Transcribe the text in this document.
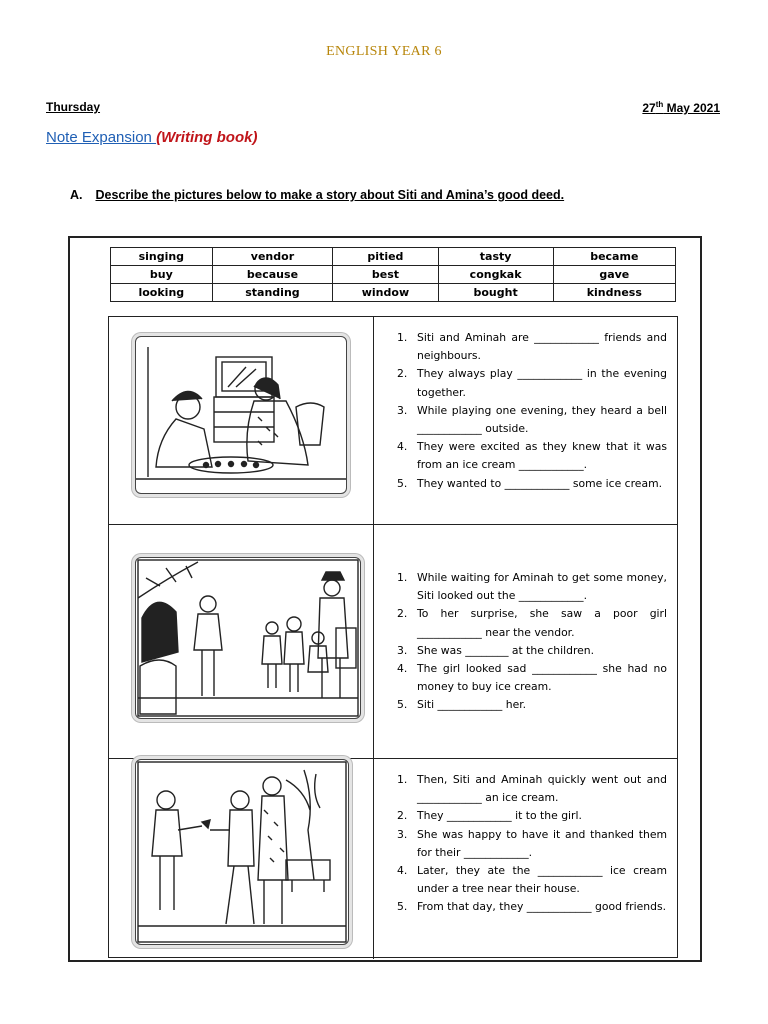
ENGLISH YEAR 6
Thursday	27th May 2021
Note Expansion (Writing book)
A. Describe the pictures below to make a story about Siti and Amina’s good deed.
singing	vendor	pitied	tasty	became
buy	because	best	congkak	gave
looking	standing	window	bought	kindness
1. Siti and Aminah are ____________ friends and neighbours.
2. They always play ____________ in the evening together.
3. While playing one evening, they heard a bell ____________ outside.
4. They were excited as they knew that it was from an ice cream ____________.
5. They wanted to ____________ some ice cream.
1. While waiting for Aminah to get some money, Siti looked out the ____________.
2. To her surprise, she saw a poor girl ____________ near the vendor.
3. She was ________ at the children.
4. The girl looked sad ____________ she had no money to buy ice cream.
5. Siti ____________ her.
1. Then, Siti and Aminah quickly went out and ____________ an ice cream.
2. They ____________ it to the girl.
3. She was happy to have it and thanked them for their ____________.
4. Later, they ate the ____________ ice cream under a tree near their house.
5. From that day, they ____________ good friends.
